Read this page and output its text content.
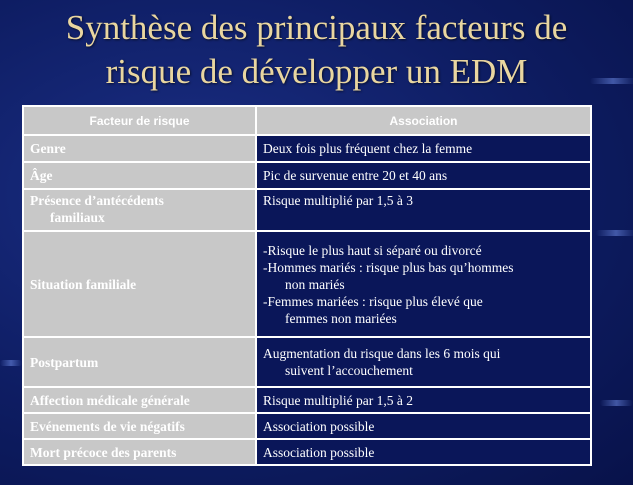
Synthèse des principaux facteurs de
risque de développer un EDM
Facteur de risque	Association
Genre	Deux fois plus fréquent chez la femme
Âge	Pic de survenue entre 20 et 40 ans

Présence d’antécédents
familiaux	Risque multiplié par 1,5 à 3
Situation familiale	-Risque le plus haut si séparé ou divorcé
-Hommes mariés : risque plus bas qu’hommes
non mariés
-Femmes mariées : risque plus élevé que
femmes non mariées

Postpartum	Augmentation du risque dans les 6 mois qui
suivent l’accouchement

Affection médicale générale	Risque multiplié par 1,5 à 2
Evénements de vie négatifs	Association possible
Mort précoce des parents	Association possible
